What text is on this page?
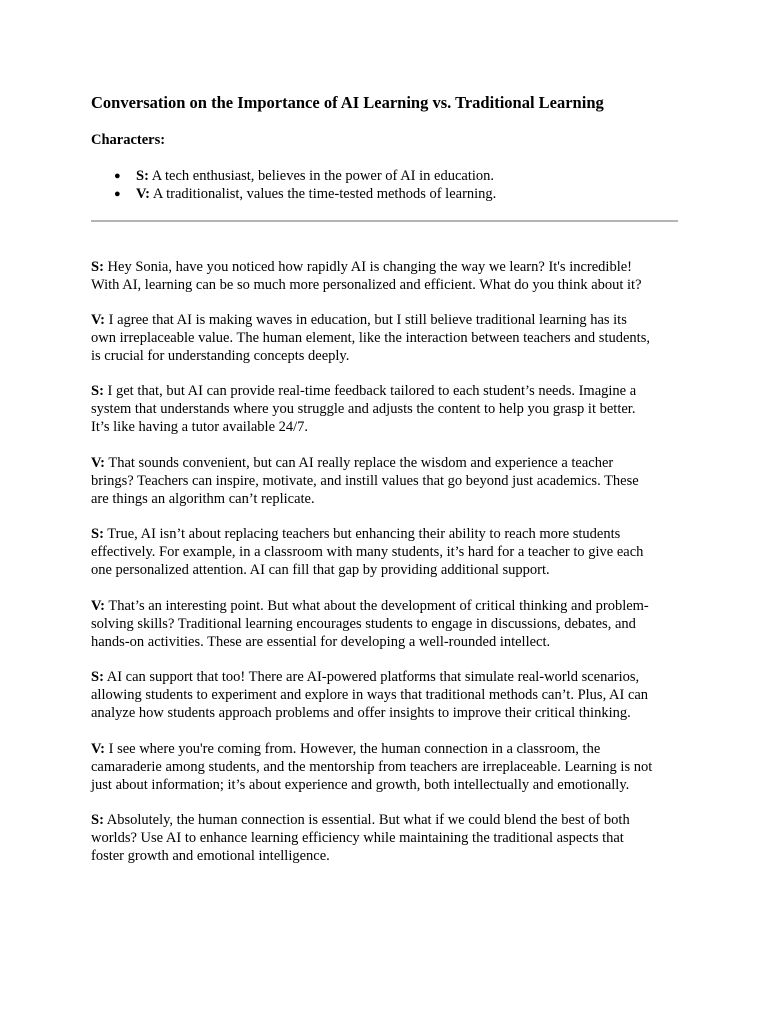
Conversation on the Importance of AI Learning vs. Traditional Learning

Characters:

● S: A tech enthusiast, believes in the power of AI in education.
● V: A traditionalist, values the time-tested methods of learning.

S: Hey Sonia, have you noticed how rapidly AI is changing the way we learn? It's incredible!
With AI, learning can be so much more personalized and efficient. What do you think about it?

V: I agree that AI is making waves in education, but I still believe traditional learning has its
own irreplaceable value. The human element, like the interaction between teachers and students,
is crucial for understanding concepts deeply.

S: I get that, but AI can provide real-time feedback tailored to each student’s needs. Imagine a
system that understands where you struggle and adjusts the content to help you grasp it better.
It’s like having a tutor available 24/7.

V: That sounds convenient, but can AI really replace the wisdom and experience a teacher
brings? Teachers can inspire, motivate, and instill values that go beyond just academics. These
are things an algorithm can’t replicate.

S: True, AI isn’t about replacing teachers but enhancing their ability to reach more students
effectively. For example, in a classroom with many students, it’s hard for a teacher to give each
one personalized attention. AI can fill that gap by providing additional support.

V: That’s an interesting point. But what about the development of critical thinking and problem-
solving skills? Traditional learning encourages students to engage in discussions, debates, and
hands-on activities. These are essential for developing a well-rounded intellect.

S: AI can support that too! There are AI-powered platforms that simulate real-world scenarios,
allowing students to experiment and explore in ways that traditional methods can’t. Plus, AI can
analyze how students approach problems and offer insights to improve their critical thinking.

V: I see where you're coming from. However, the human connection in a classroom, the
camaraderie among students, and the mentorship from teachers are irreplaceable. Learning is not
just about information; it’s about experience and growth, both intellectually and emotionally.

S: Absolutely, the human connection is essential. But what if we could blend the best of both
worlds? Use AI to enhance learning efficiency while maintaining the traditional aspects that
foster growth and emotional intelligence.
